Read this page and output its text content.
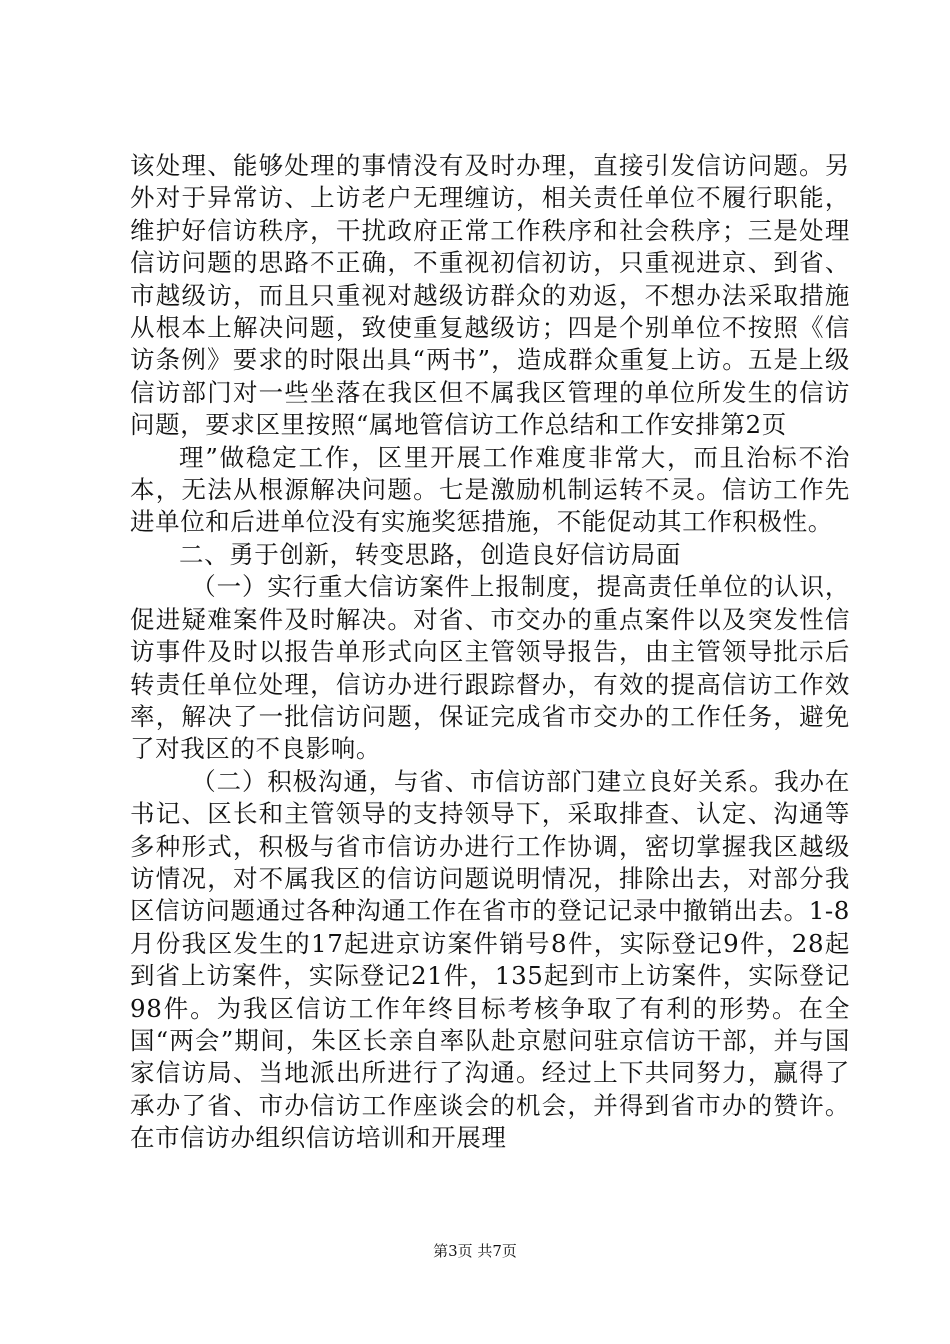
该处理、能够处理的事情没有及时办理，直接引发信访问题。另外对于异常访、上访老户无理缠访，相关责任单位不履行职能，维护好信访秩序，干扰政府正常工作秩序和社会秩序；三是处理信访问题的思路不正确，不重视初信初访，只重视进京、到省、市越级访，而且只重视对越级访群众的劝返，不想办法采取措施从根本上解决问题，致使重复越级访；四是个别单位不按照《信访条例》要求的时限出具“两书”，造成群众重复上访。五是上级信访部门对一些坐落在我区但不属我区管理的单位所发生的信访问题，要求区里按照“属地管信访工作总结和工作安排第2页

理”做稳定工作，区里开展工作难度非常大，而且治标不治本，无法从根源解决问题。七是激励机制运转不灵。信访工作先进单位和后进单位没有实施奖惩措施，不能促动其工作积极性。

二、勇于创新，转变思路，创造良好信访局面

（一）实行重大信访案件上报制度，提高责任单位的认识，促进疑难案件及时解决。对省、市交办的重点案件以及突发性信访事件及时以报告单形式向区主管领导报告，由主管领导批示后转责任单位处理，信访办进行跟踪督办，有效的提高信访工作效率，解决了一批信访问题，保证完成省市交办的工作任务，避免了对我区的不良影响。

（二）积极沟通，与省、市信访部门建立良好关系。我办在书记、区长和主管领导的支持领导下，采取排查、认定、沟通等多种形式，积极与省市信访办进行工作协调，密切掌握我区越级访情况，对不属我区的信访问题说明情况，排除出去，对部分我区信访问题通过各种沟通工作在省市的登记记录中撤销出去。1-8月份我区发生的17起进京访案件销号8件，实际登记9件，28起到省上访案件，实际登记21件，135起到市上访案件，实际登记98件。为我区信访工作年终目标考核争取了有利的形势。在全国“两会”期间，朱区长亲自率队赴京慰问驻京信访干部，并与国家信访局、当地派出所进行了沟通。经过上下共同努力，赢得了承办了省、市办信访工作座谈会的机会，并得到省市办的赞许。在市信访办组织信访培训和开展理

第3页 共7页
